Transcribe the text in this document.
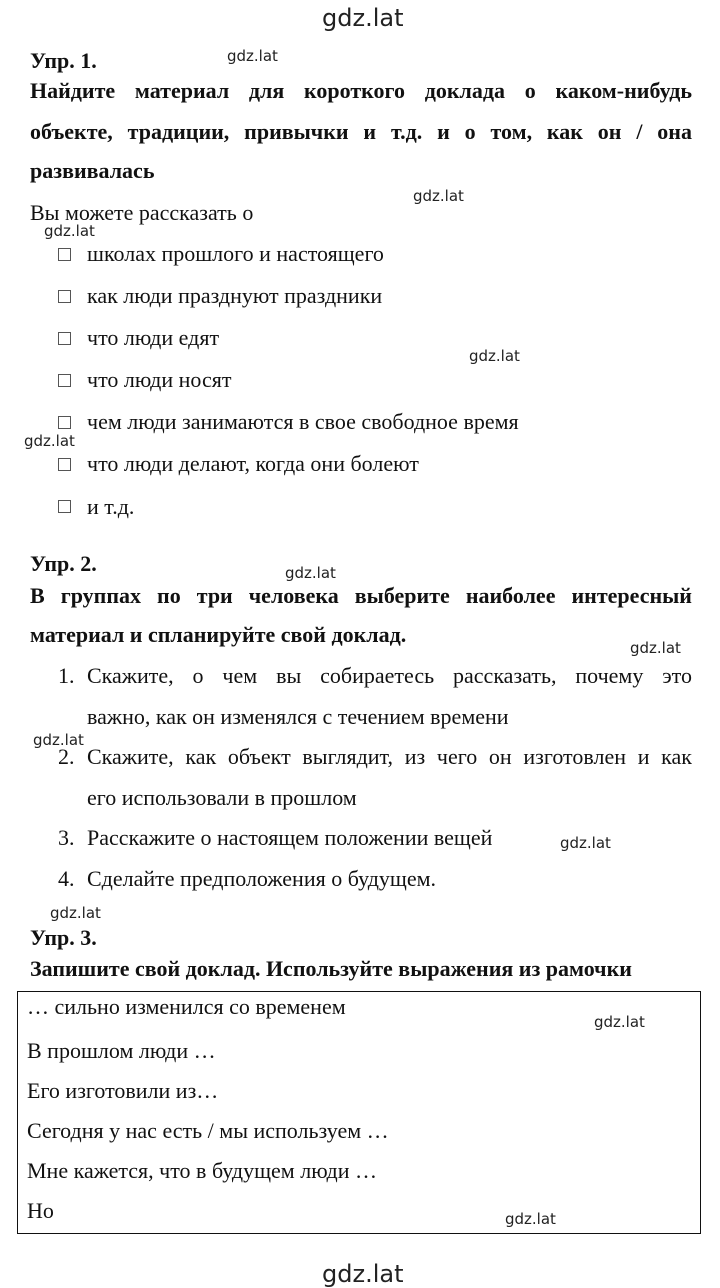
gdz.lat
gdz.lat
gdz.lat
gdz.lat
gdz.lat
gdz.lat
gdz.lat
gdz.lat
gdz.lat
gdz.lat
gdz.lat
gdz.lat
gdz.lat
gdz.lat
Упр. 1.
Найдите материал для короткого доклада о каком-нибудь
объекте, традиции, привычки и т.д. и о том, как он / она
развивалась
Вы можете рассказать о
школах прошлого и настоящего
как люди празднуют праздники
что люди едят
что люди носят
чем люди занимаются в свое свободное время
что люди делают, когда они болеют
и т.д.
Упр. 2.
В группах по три человека выберите наиболее интересный
материал и спланируйте свой доклад.
1. Скажите, о чем вы собираетесь рассказать, почему это
важно, как он изменялся с течением времени
2. Скажите, как объект выглядит, из чего он изготовлен и как
его использовали в прошлом
3. Расскажите о настоящем положении вещей
4. Сделайте предположения о будущем.
Упр. 3.
Запишите свой доклад. Используйте выражения из рамочки
… сильно изменился со временем
В прошлом люди …
Его изготовили из…
Сегодня у нас есть / мы используем …
Мне кажется, что в будущем люди …
Но
